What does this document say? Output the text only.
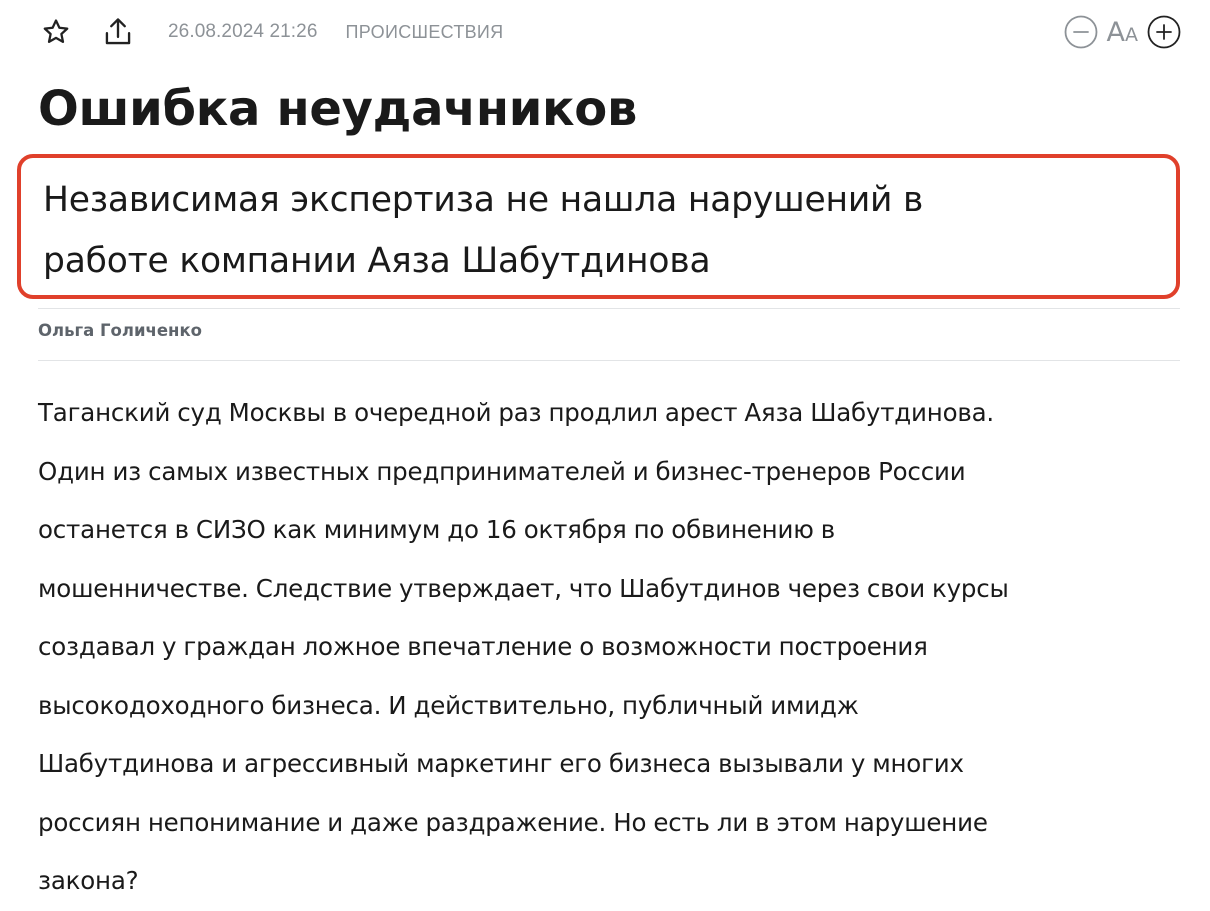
26.08.2024 21:26 ПРОИСШЕСТВИЯ	A A
Ошибка неудачников
Независимая экспертиза не нашла нарушений в
работе компании Аяза Шабутдинова
Ольга Голиченко

Таганский суд Москвы в очередной раз продлил арест Аяза Шабутдинова.
Один из самых известных предпринимателей и бизнес-тренеров России
останется в СИЗО как минимум до 16 октября по обвинению в
мошенничестве. Следствие утверждает, что Шабутдинов через свои курсы
создавал у граждан ложное впечатление о возможности построения
высокодоходного бизнеса. И действительно, публичный имидж
Шабутдинова и агрессивный маркетинг его бизнеса вызывали у многих
россиян непонимание и даже раздражение. Но есть ли в этом нарушение
закона?
